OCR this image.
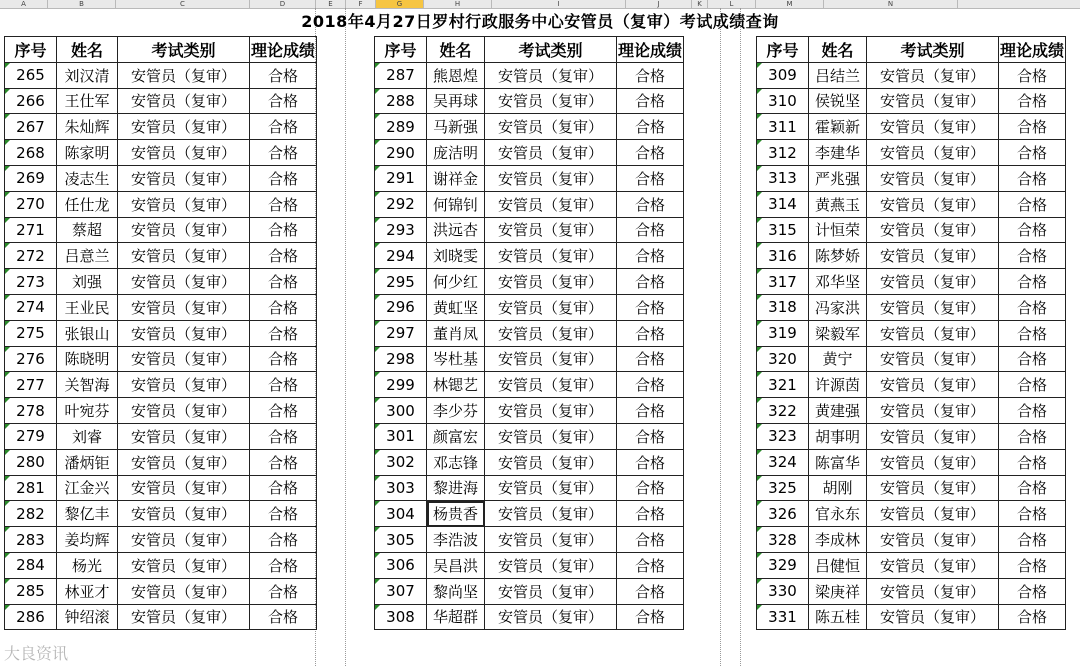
A	B	C	D	E	F	G	H	I	J	K	L	M	N
2018年4月27日罗村行政服务中心安管员（复审）考试成绩查询
序号	姓名	考试类别	理论成绩

265	刘汉清	安管员（复审）	合格

266	王仕军	安管员（复审）	合格

267	朱灿辉	安管员（复审）	合格

268	陈家明	安管员（复审）	合格

269	凌志生	安管员（复审）	合格

270	任仕龙	安管员（复审）	合格

271	蔡超	安管员（复审）	合格

272	吕意兰	安管员（复审）	合格

273	刘强	安管员（复审）	合格

274	王业民	安管员（复审）	合格

275	张银山	安管员（复审）	合格

276	陈晓明	安管员（复审）	合格

277	关智海	安管员（复审）	合格

278	叶宛芬	安管员（复审）	合格

279	刘睿	安管员（复审）	合格

280	潘炳钜	安管员（复审）	合格

281	江金兴	安管员（复审）	合格

282	黎亿丰	安管员（复审）	合格

283	姜均辉	安管员（复审）	合格

284	杨光	安管员（复审）	合格

285	林亚才	安管员（复审）	合格

286	钟绍滚	安管员（复审）	合格
序号	姓名	考试类别	理论成绩

287	熊恩煌	安管员（复审）	合格

288	吴再球	安管员（复审）	合格

289	马新强	安管员（复审）	合格

290	庞洁明	安管员（复审）	合格

291	谢祥金	安管员（复审）	合格

292	何锦钊	安管员（复审）	合格

293	洪远杏	安管员（复审）	合格

294	刘晓雯	安管员（复审）	合格

295	何少红	安管员（复审）	合格

296	黄虹坚	安管员（复审）	合格

297	董肖凤	安管员（复审）	合格

298	岑杜基	安管员（复审）	合格

299	林锶艺	安管员（复审）	合格

300	李少芬	安管员（复审）	合格

301	颜富宏	安管员（复审）	合格

302	邓志锋	安管员（复审）	合格

303	黎进海	安管员（复审）	合格

304	杨贵香	安管员（复审）	合格

305	李浩波	安管员（复审）	合格

306	吴昌洪	安管员（复审）	合格

307	黎尚坚	安管员（复审）	合格

308	华超群	安管员（复审）	合格
序号	姓名	考试类别	理论成绩

309	吕结兰	安管员（复审）	合格

310	侯锐坚	安管员（复审）	合格

311	霍颖新	安管员（复审）	合格

312	李建华	安管员（复审）	合格

313	严兆强	安管员（复审）	合格

314	黄燕玉	安管员（复审）	合格

315	计恒荣	安管员（复审）	合格

316	陈梦娇	安管员（复审）	合格

317	邓华坚	安管员（复审）	合格

318	冯家洪	安管员（复审）	合格

319	梁毅军	安管员（复审）	合格

320	黄宁	安管员（复审）	合格

321	许源茵	安管员（复审）	合格

322	黄建强	安管员（复审）	合格

323	胡事明	安管员（复审）	合格

324	陈富华	安管员（复审）	合格

325	胡刚	安管员（复审）	合格

326	官永东	安管员（复审）	合格

328	李成林	安管员（复审）	合格

329	吕健恒	安管员（复审）	合格

330	梁庚祥	安管员（复审）	合格

331	陈五桂	安管员（复审）	合格
大良资讯
